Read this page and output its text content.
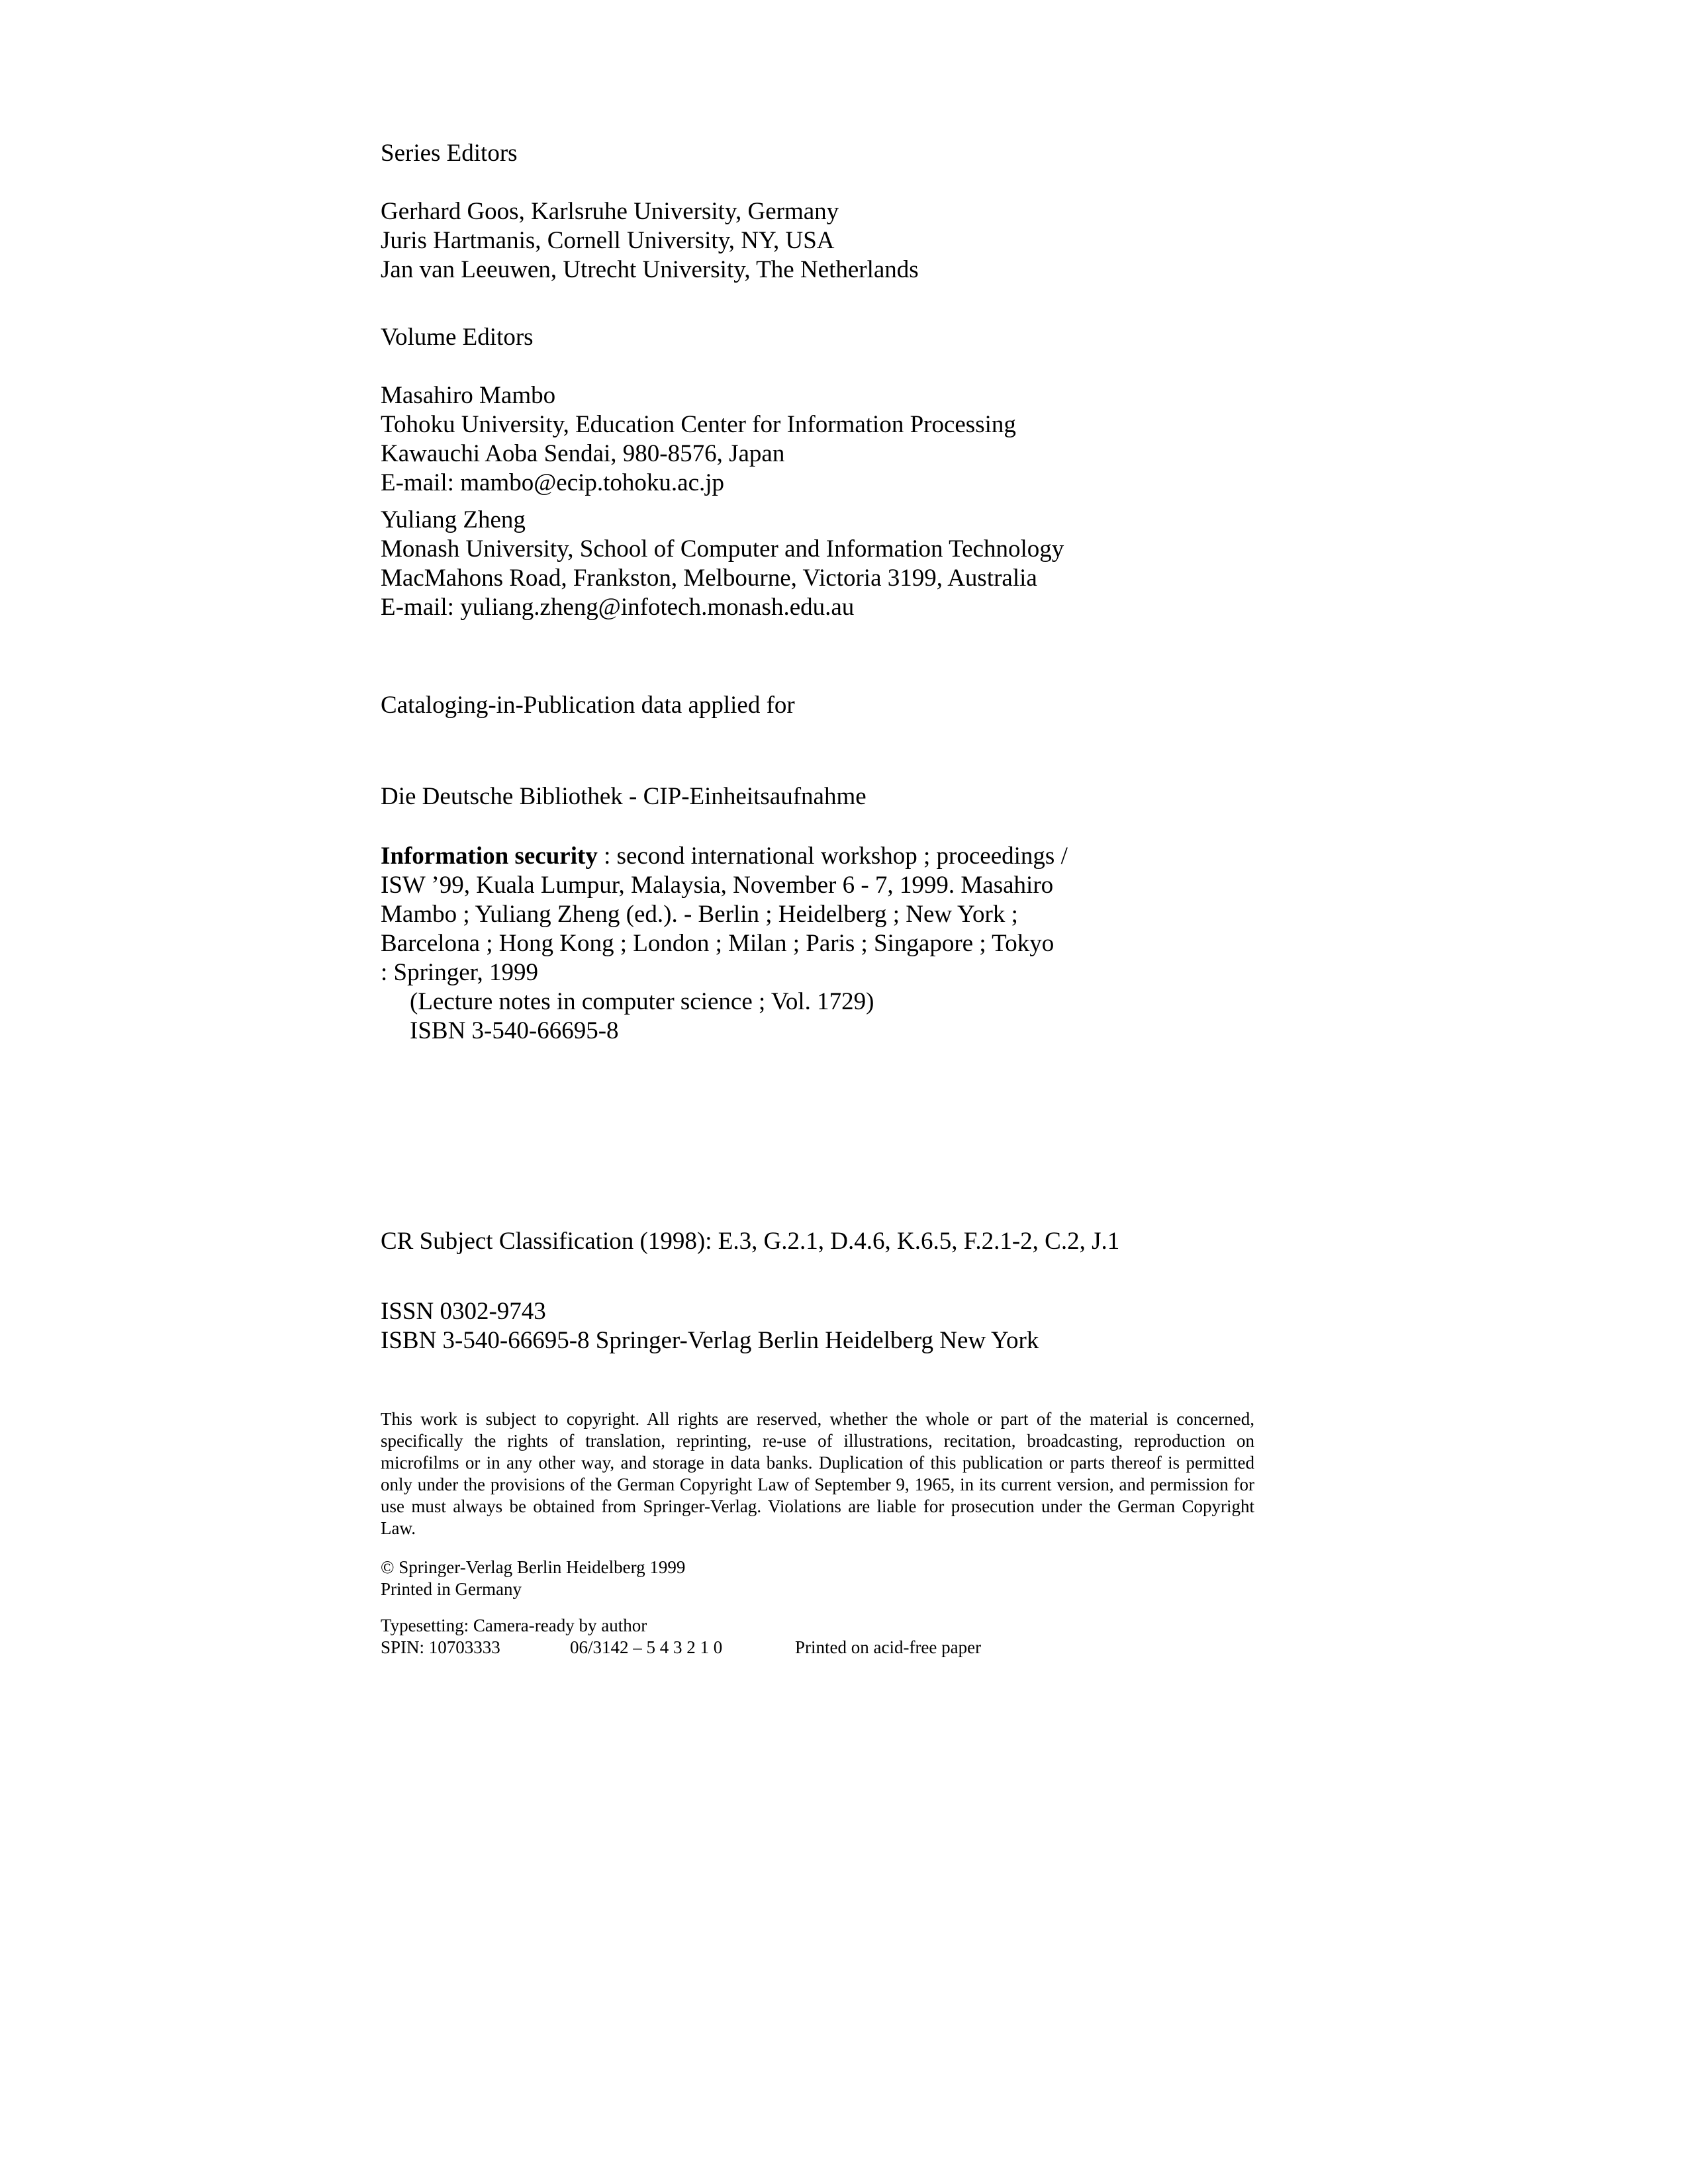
Series Editors
Gerhard Goos, Karlsruhe University, Germany
Juris Hartmanis, Cornell University, NY, USA
Jan van Leeuwen, Utrecht University, The Netherlands
Volume Editors
Masahiro Mambo
Tohoku University, Education Center for Information Processing
Kawauchi Aoba Sendai, 980-8576, Japan
E-mail: mambo@ecip.tohoku.ac.jp
Yuliang Zheng
Monash University, School of Computer and Information Technology
MacMahons Road, Frankston, Melbourne, Victoria 3199, Australia
E-mail: yuliang.zheng@infotech.monash.edu.au
Cataloging-in-Publication data applied for
Die Deutsche Bibliothek - CIP-Einheitsaufnahme
Information security : second international workshop ; proceedings /
ISW ’99, Kuala Lumpur, Malaysia, November 6 - 7, 1999. Masahiro
Mambo ; Yuliang Zheng (ed.). - Berlin ; Heidelberg ; New York ;
Barcelona ; Hong Kong ; London ; Milan ; Paris ; Singapore ; Tokyo
: Springer, 1999
(Lecture notes in computer science ; Vol. 1729)
ISBN 3-540-66695-8
CR Subject Classification (1998): E.3, G.2.1, D.4.6, K.6.5, F.2.1-2, C.2, J.1
ISSN 0302-9743
ISBN 3-540-66695-8 Springer-Verlag Berlin Heidelberg New York
This work is subject to copyright. All rights are reserved, whether the whole or part of the material is concerned, specifically the rights of translation, reprinting, re-use of illustrations, recitation, broadcasting, reproduction on microfilms or in any other way, and storage in data banks. Duplication of this publication or parts thereof is permitted only under the provisions of the German Copyright Law of September 9, 1965, in its current version, and permission for use must always be obtained from Springer-Verlag. Violations are liable for prosecution under the German Copyright Law.
© Springer-Verlag Berlin Heidelberg 1999
Printed in Germany
Typesetting: Camera-ready by author
SPIN: 10703333	06/3142 – 5 4 3 2 1 0	Printed on acid-free paper
